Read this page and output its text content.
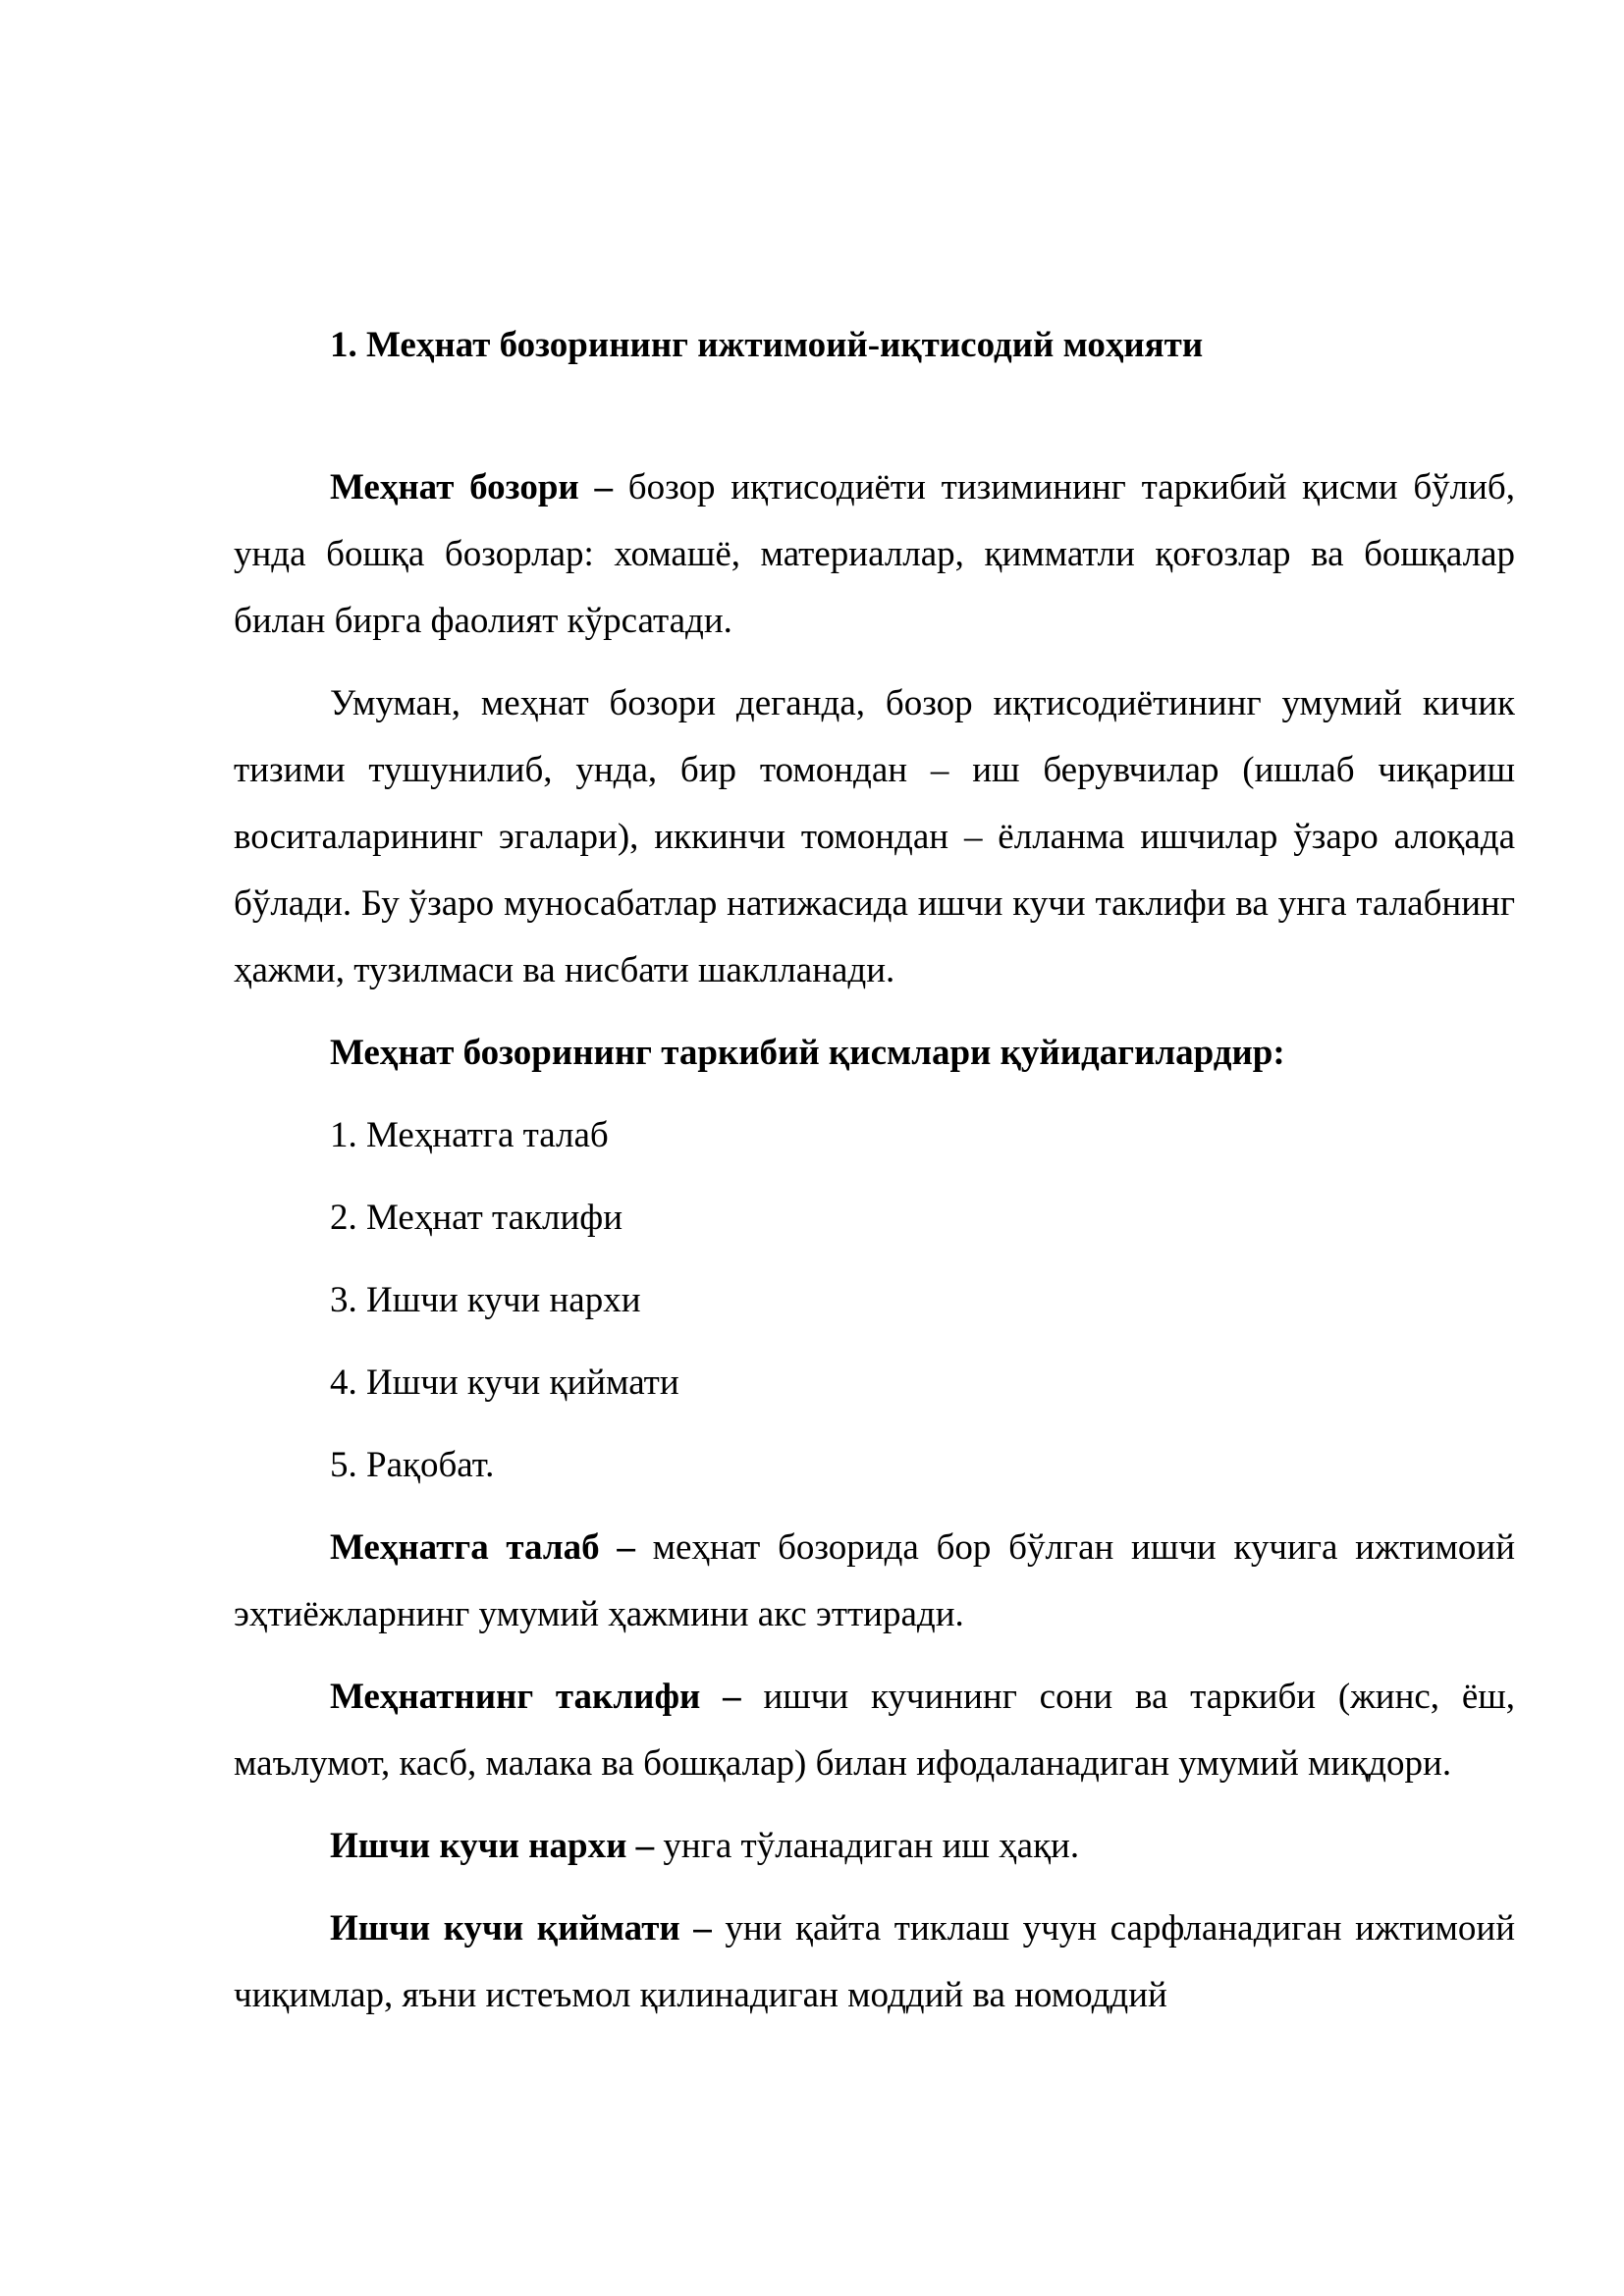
1. Меҳнат бозорининг ижтимоий-иқтисодий моҳияти

Меҳнат бозори – бозор иқтисодиёти тизимининг таркибий қисми бўлиб, унда бошқа бозорлар: хомашё, материаллар, қимматли қоғозлар ва бошқалар билан бирга фаолият кўрсатади.

Умуман, меҳнат бозори деганда, бозор иқтисодиётининг умумий кичик тизими тушунилиб, унда, бир томондан – иш берувчилар (ишлаб чиқариш воситаларининг эгалари), иккинчи томондан – ёлланма ишчилар ўзаро алоқада бўлади. Бу ўзаро муносабатлар натижасида ишчи кучи таклифи ва унга талабнинг ҳажми, тузилмаси ва нисбати шаклланади.

Меҳнат бозорининг таркибий қисмлари қуйидагилардир:

1. Меҳнатга талаб

2. Меҳнат таклифи

3. Ишчи кучи нархи

4. Ишчи кучи қиймати

5. Рақобат.

Меҳнатга талаб – меҳнат бозорида бор бўлган ишчи кучига ижтимоий эҳтиёжларнинг умумий ҳажмини акс эттиради.

Меҳнатнинг таклифи – ишчи кучининг сони ва таркиби (жинс, ёш, маълумот, касб, малака ва бошқалар) билан ифодаланадиган умумий миқдори.

Ишчи кучи нархи – унга тўланадиган иш ҳақи.

Ишчи кучи қиймати – уни қайта тиклаш учун сарфланадиган ижтимоий чиқимлар, яъни истеъмол қилинадиган моддий ва номоддий
